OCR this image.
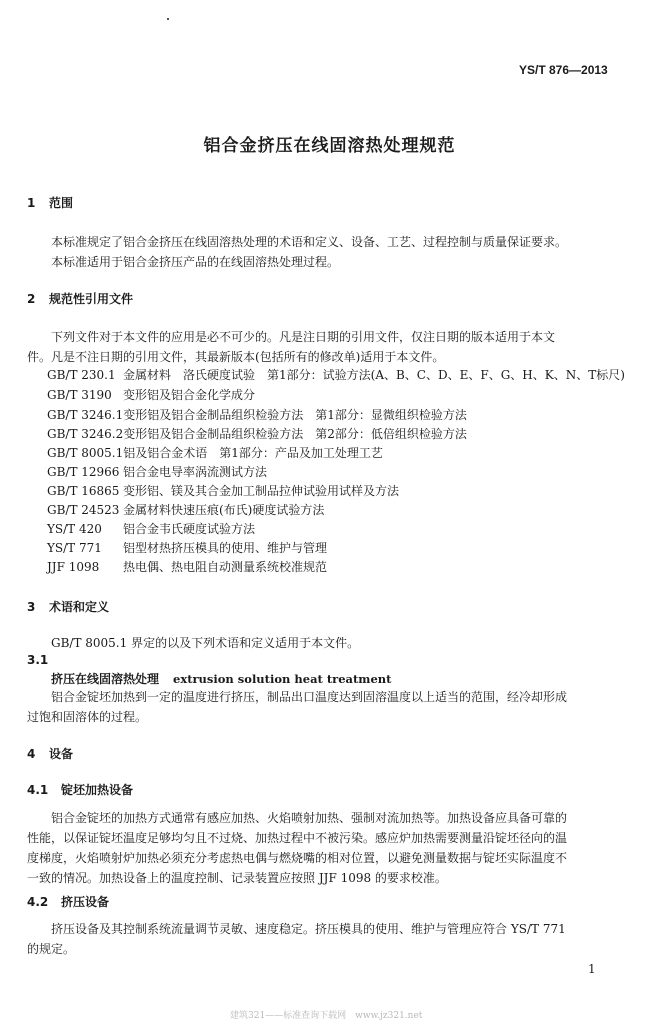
YS/T 876—2013
铝合金挤压在线固溶热处理规范
1 范围
本标准规定了铝合金挤压在线固溶热处理的术语和定义、设备、工艺、过程控制与质量保证要求。
本标准适用于铝合金挤压产品的在线固溶热处理过程。
2 规范性引用文件
下列文件对于本文件的应用是必不可少的。凡是注日期的引用文件，仅注日期的版本适用于本文
件。凡是不注日期的引用文件，其最新版本(包括所有的修改单)适用于本文件。
GB/T 230.1 金属材料　洛氏硬度试验　第1部分：试验方法(A、B、C、D、E、F、G、H、K、N、T标尺)
GB/T 3190 变形铝及铝合金化学成分
GB/T 3246.1变形铝及铝合金制品组织检验方法　第1部分：显微组织检验方法
GB/T 3246.2变形铝及铝合金制品组织检验方法　第2部分：低倍组织检验方法
GB/T 8005.1铝及铝合金术语　第1部分：产品及加工处理工艺
GB/T 12966 铝合金电导率涡流测试方法
GB/T 16865 变形铝、镁及其合金加工制品拉伸试验用试样及方法
GB/T 24523 金属材料快速压痕(布氏)硬度试验方法
YS/T 420 铝合金韦氏硬度试验方法
YS/T 771 铝型材热挤压模具的使用、维护与管理
JJF 1098 热电偶、热电阻自动测量系统校准规范
3 术语和定义
GB/T 8005.1 界定的以及下列术语和定义适用于本文件。
3.1
挤压在线固溶热处理 extrusion solution heat treatment
铝合金锭坯加热到一定的温度进行挤压，制品出口温度达到固溶温度以上适当的范围，经冷却形成
过饱和固溶体的过程。
4 设备
4.1 锭坯加热设备
铝合金锭坯的加热方式通常有感应加热、火焰喷射加热、强制对流加热等。加热设备应具备可靠的
性能，以保证锭坯温度足够均匀且不过烧、加热过程中不被污染。感应炉加热需要测量沿锭坯径向的温
度梯度，火焰喷射炉加热必须充分考虑热电偶与燃烧嘴的相对位置，以避免测量数据与锭坯实际温度不
一致的情况。加热设备上的温度控制、记录装置应按照 JJF 1098 的要求校准。
4.2 挤压设备
挤压设备及其控制系统流量调节灵敏、速度稳定。挤压模具的使用、维护与管理应符合 YS/T 771
的规定。
1
建筑321——标准查询下载网　www.jz321.net
